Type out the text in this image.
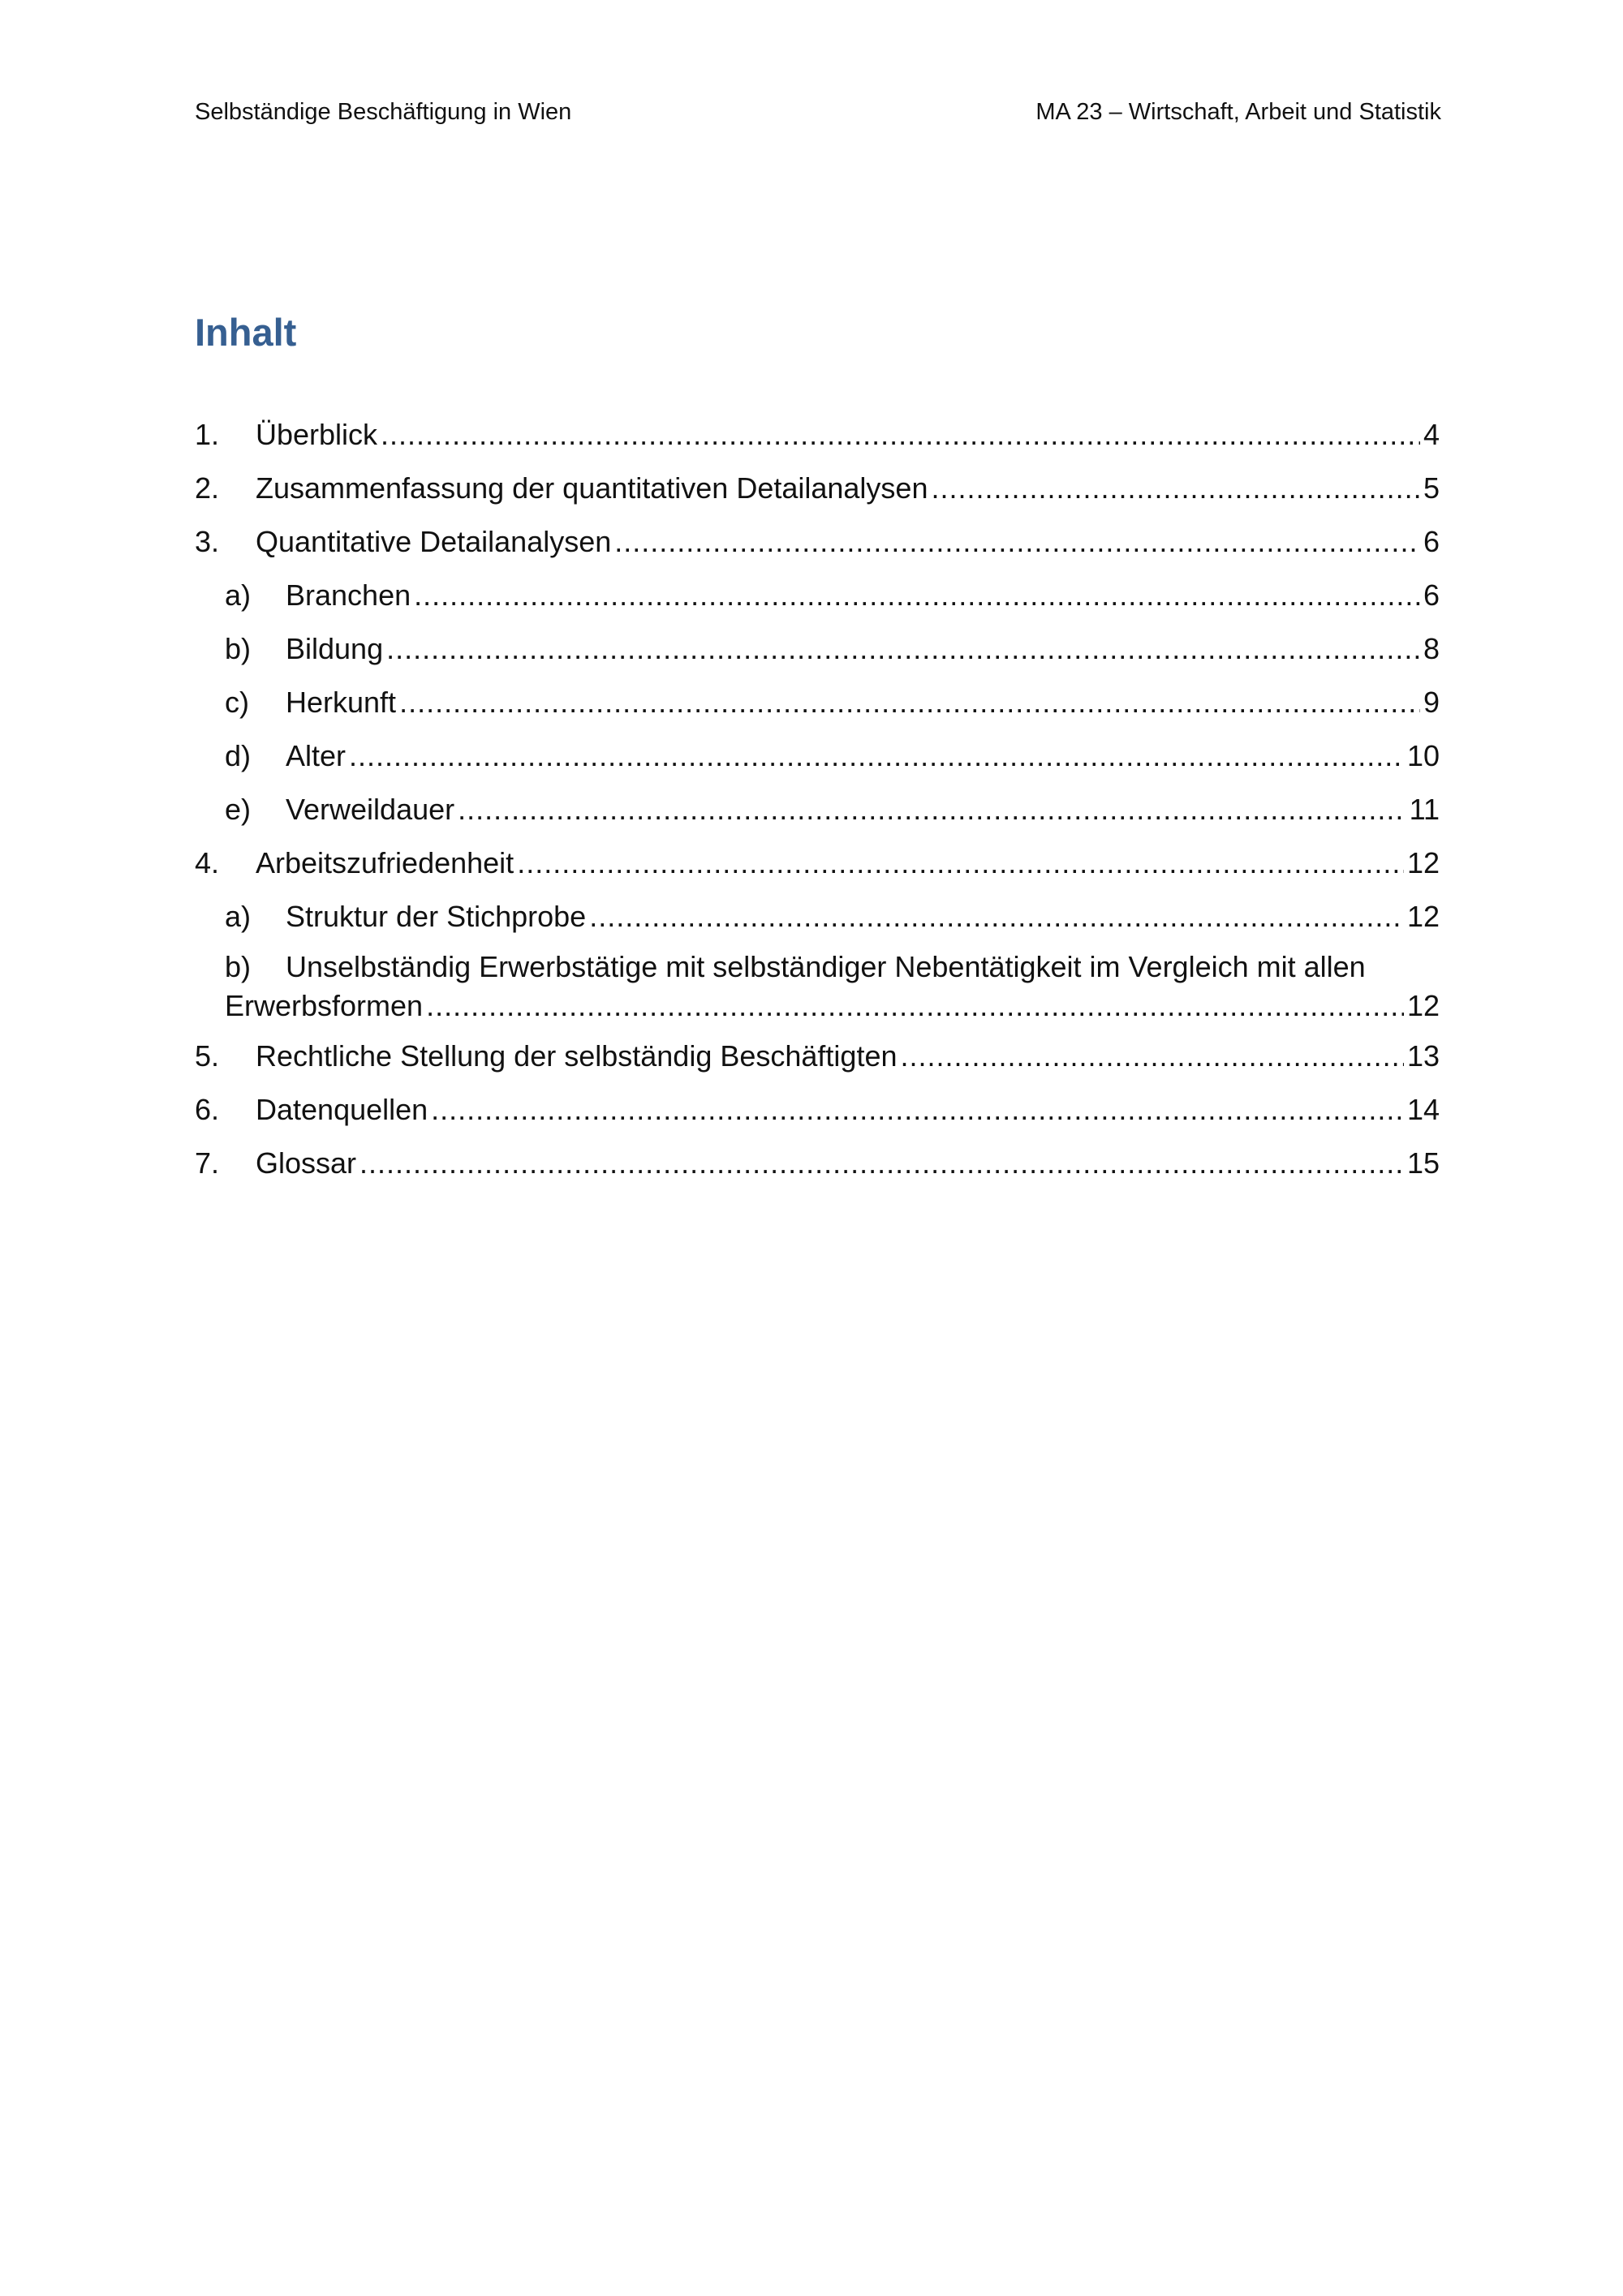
Selbständige Beschäftigung in Wien	MA 23 – Wirtschaft, Arbeit und Statistik
Inhalt
1.	Überblick .....	4
2.	Zusammenfassung der quantitativen Detailanalysen .....	5
3.	Quantitative Detailanalysen .....	6
a)	Branchen .....	6
b)	Bildung .....	8
c)	Herkunft .....	9
d)	Alter .....	10
e)	Verweildauer .....	11
4.	Arbeitszufriedenheit .....	12
a)	Struktur der Stichprobe .....	12
b)	Unselbständig Erwerbstätige mit selbständiger Nebentätigkeit im Vergleich mit allen
Erwerbsformen .....	12
5.	Rechtliche Stellung der selbständig Beschäftigten .....	13
6.	Datenquellen .....	14
7.	Glossar .....	15
